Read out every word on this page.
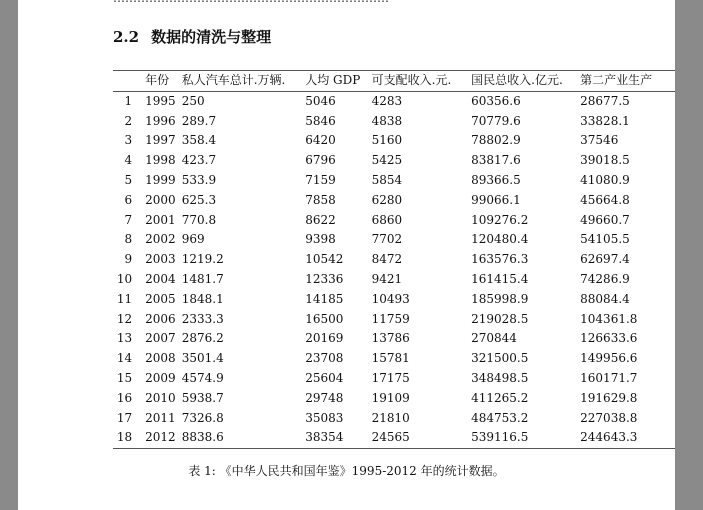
2.2 数据的清洗与整理
	年份	私人汽车总计.万辆.	人均 GDP	可支配收入.元.	国民总收入.亿元.	第二产业生产
1	1995	250	5046	4283	60356.6	28677.5
2	1996	289.7	5846	4838	70779.6	33828.1
3	1997	358.4	6420	5160	78802.9	37546
4	1998	423.7	6796	5425	83817.6	39018.5
5	1999	533.9	7159	5854	89366.5	41080.9
6	2000	625.3	7858	6280	99066.1	45664.8
7	2001	770.8	8622	6860	109276.2	49660.7
8	2002	969	9398	7702	120480.4	54105.5
9	2003	1219.2	10542	8472	163576.3	62697.4
10	2004	1481.7	12336	9421	161415.4	74286.9
11	2005	1848.1	14185	10493	185998.9	88084.4
12	2006	2333.3	16500	11759	219028.5	104361.8
13	2007	2876.2	20169	13786	270844	126633.6
14	2008	3501.4	23708	15781	321500.5	149956.6
15	2009	4574.9	25604	17175	348498.5	160171.7
16	2010	5938.7	29748	19109	411265.2	191629.8
17	2011	7326.8	35083	21810	484753.2	227038.8
18	2012	8838.6	38354	24565	539116.5	244643.3
表 1: 《中华人民共和国年鉴》1995-2012 年的统计数据。
